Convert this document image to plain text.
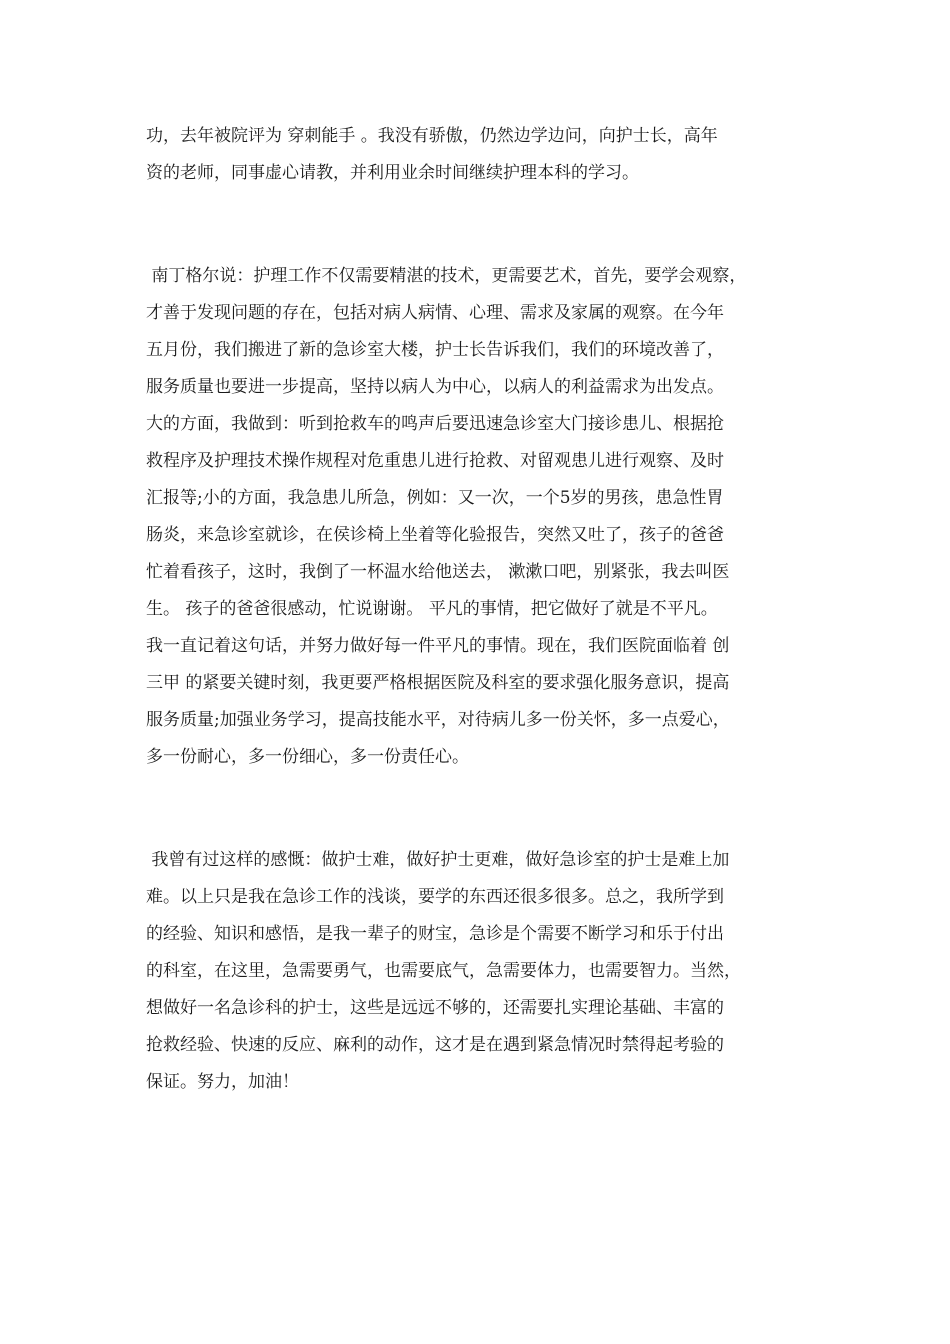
功，去年被院评为 穿刺能手 。我没有骄傲，仍然边学边问，向护士长，高年
资的老师，同事虚心请教，并利用业余时间继续护理本科的学习。
南丁格尔说：护理工作不仅需要精湛的技术，更需要艺术，首先，要学会观察，
才善于发现问题的存在，包括对病人病情、心理、需求及家属的观察。在今年
五月份，我们搬进了新的急诊室大楼，护士长告诉我们，我们的环境改善了，
服务质量也要进一步提高，坚持以病人为中心，以病人的利益需求为出发点。
大的方面，我做到：听到抢救车的鸣声后要迅速急诊室大门接诊患儿、根据抢
救程序及护理技术操作规程对危重患儿进行抢救、对留观患儿进行观察、及时
汇报等;小的方面，我急患儿所急，例如：又一次，一个5岁的男孩，患急性胃
肠炎，来急诊室就诊，在侯诊椅上坐着等化验报告，突然又吐了，孩子的爸爸
忙着看孩子，这时，我倒了一杯温水给他送去， 漱漱口吧，别紧张，我去叫医
生。 孩子的爸爸很感动，忙说谢谢。 平凡的事情，把它做好了就是不平凡。
我一直记着这句话，并努力做好每一件平凡的事情。现在，我们医院面临着 创
三甲 的紧要关键时刻，我更要严格根据医院及科室的要求强化服务意识，提高
服务质量;加强业务学习，提高技能水平，对待病儿多一份关怀，多一点爱心，
多一份耐心，多一份细心，多一份责任心。
我曾有过这样的感慨：做护士难，做好护士更难，做好急诊室的护士是难上加
难。以上只是我在急诊工作的浅谈，要学的东西还很多很多。总之，我所学到
的经验、知识和感悟，是我一辈子的财宝，急诊是个需要不断学习和乐于付出
的科室，在这里，急需要勇气，也需要底气，急需要体力，也需要智力。当然，
想做好一名急诊科的护士，这些是远远不够的，还需要扎实理论基础、丰富的
抢救经验、快速的反应、麻利的动作，这才是在遇到紧急情况时禁得起考验的
保证。努力，加油！
